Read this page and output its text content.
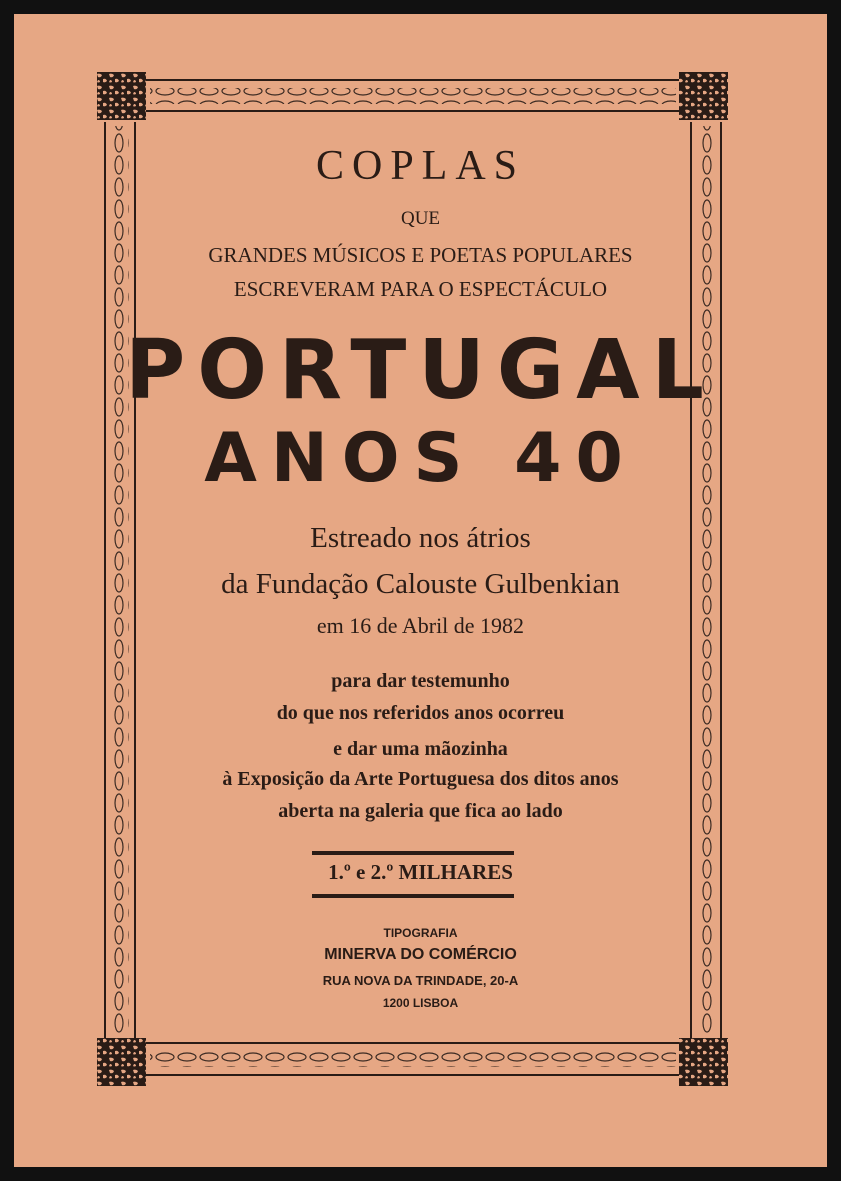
COPLAS
QUE
GRANDES MÚSICOS E POETAS POPULARES
ESCREVERAM PARA O ESPECTÁCULO
PORTUGAL
ANOS 40
Estreado nos átrios
da Fundação Calouste Gulbenkian
em 16 de Abril de 1982
para dar testemunho
do que nos referidos anos ocorreu
e dar uma mãozinha
à Exposição da Arte Portuguesa dos ditos anos
aberta na galeria que fica ao lado
1.º e 2.º MILHARES
TIPOGRAFIA
MINERVA DO COMÉRCIO
RUA NOVA DA TRINDADE, 20-A
1200 LISBOA
